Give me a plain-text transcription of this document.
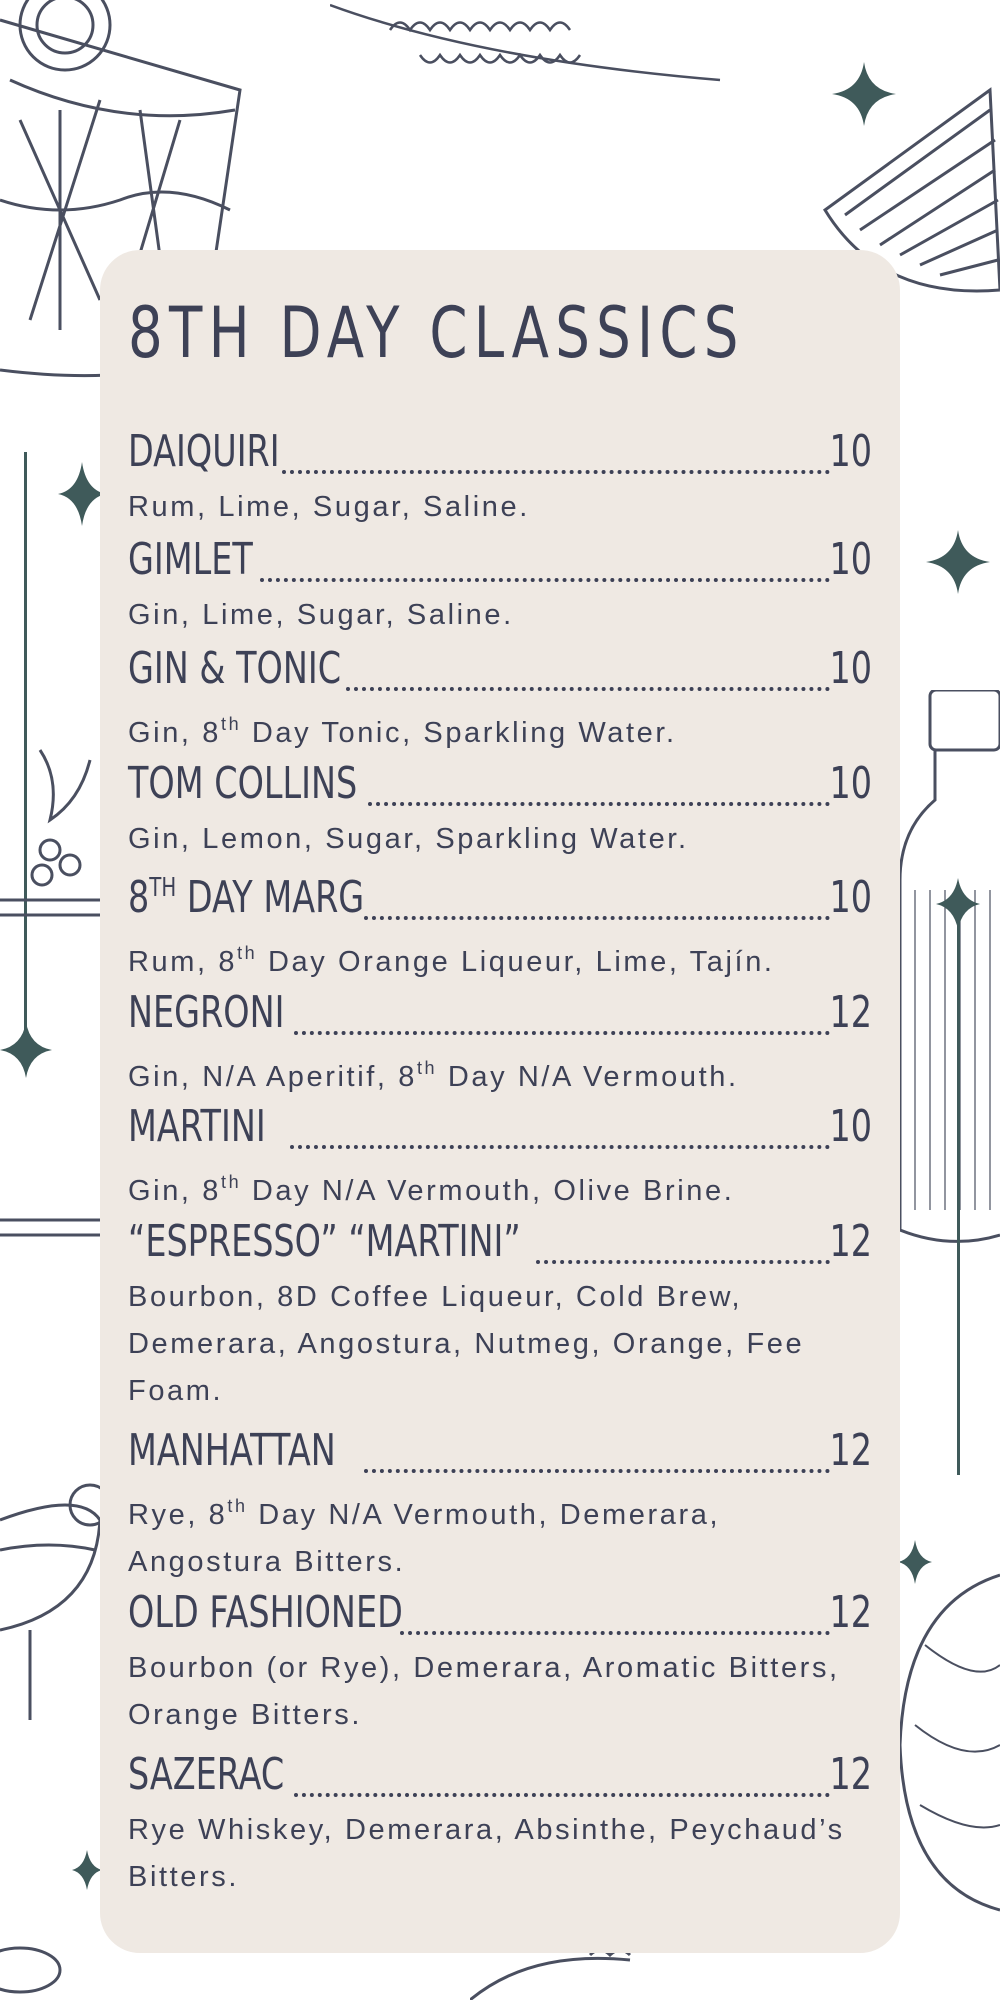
8TH DAY CLASSICS
DAIQUIRI	10
Rum, Lime, Sugar, Saline.
GIMLET	10
Gin, Lime, Sugar, Saline.
GIN & TONIC	10
Gin, 8th Day Tonic, Sparkling Water.
TOM COLLINS	10
Gin, Lemon, Sugar, Sparkling Water.
8TH DAY MARG	10
Rum, 8th Day Orange Liqueur, Lime, Tajín.
NEGRONI	12
Gin, N/A Aperitif, 8th Day N/A Vermouth.
MARTINI	10
Gin, 8th Day N/A Vermouth, Olive Brine.
“ESPRESSO” “MARTINI”	12
Bourbon, 8D Coffee Liqueur, Cold Brew, Demerara, Angostura, Nutmeg, Orange, Fee Foam.
MANHATTAN	12
Rye, 8th Day N/A Vermouth, Demerara, Angostura Bitters.
OLD FASHIONED	12
Bourbon (or Rye), Demerara, Aromatic Bitters, Orange Bitters.
SAZERAC	12
Rye Whiskey, Demerara, Absinthe, Peychaud’s Bitters.
